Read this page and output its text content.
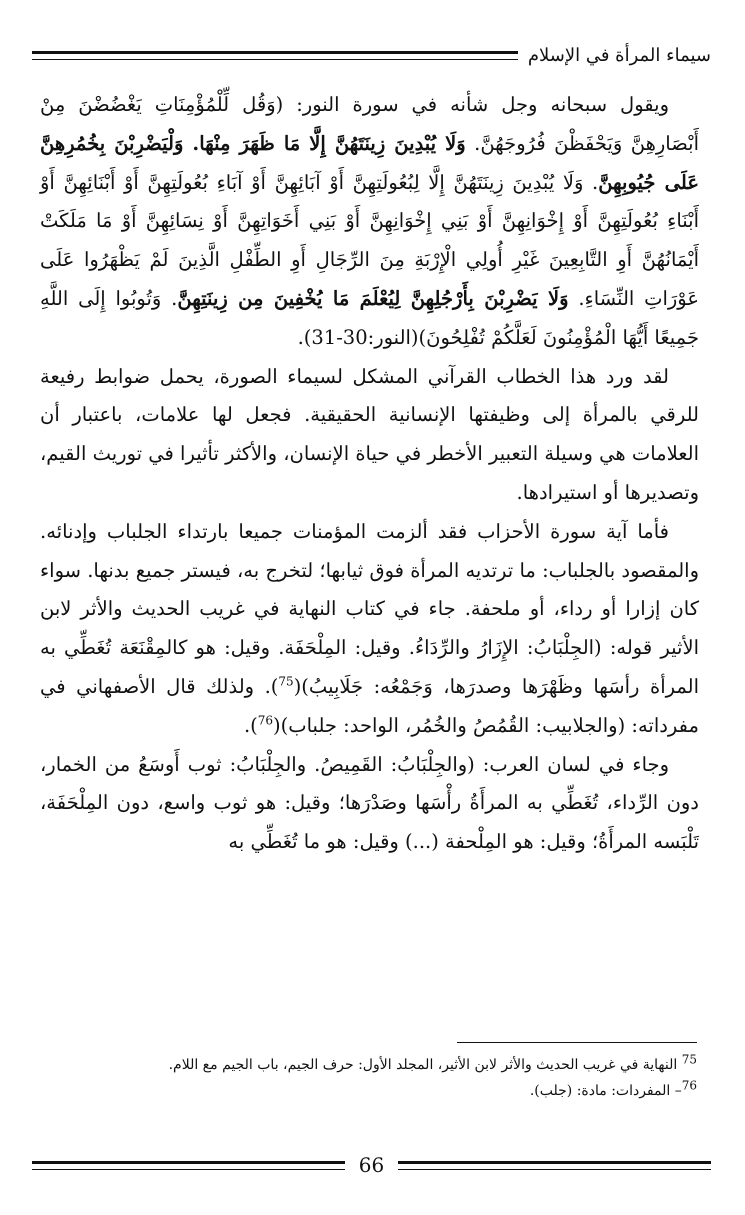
سيماء المرأة في الإسلام

ويقول سبحانه وجل شأنه في سورة النور: (وَقُل لِّلْمُؤْمِنَاتِ يَغْضُضْنَ مِنْ أَبْصَارِهِنَّ وَيَحْفَظْنَ فُرُوجَهُنَّ. وَلَا يُبْدِينَ زِينَتَهُنَّ إِلَّا مَا ظَهَرَ مِنْهَا. وَلْيَضْرِبْنَ بِخُمُرِهِنَّ عَلَى جُيُوبِهِنَّ. وَلَا يُبْدِينَ زِينَتَهُنَّ إِلَّا لِبُعُولَتِهِنَّ أَوْ آبَائِهِنَّ أَوْ آبَاءِ بُعُولَتِهِنَّ أَوْ أَبْنَائِهِنَّ أَوْ أَبْنَاءِ بُعُولَتِهِنَّ أَوْ إِخْوَانِهِنَّ أَوْ بَنِي إِخْوَانِهِنَّ أَوْ بَنِي أَخَوَاتِهِنَّ أَوْ نِسَائِهِنَّ أَوْ مَا مَلَكَتْ أَيْمَانُهُنَّ أَوِ التَّابِعِينَ غَيْرِ أُولِي الْإِرْبَةِ مِنَ الرِّجَالِ أَوِ الطِّفْلِ الَّذِينَ لَمْ يَظْهَرُوا عَلَى عَوْرَاتِ النِّسَاءِ. وَلَا يَضْرِبْنَ بِأَرْجُلِهِنَّ لِيُعْلَمَ مَا يُخْفِينَ مِن زِينَتِهِنَّ. وَتُوبُوا إِلَى اللَّهِ جَمِيعًا أَيُّهَا الْمُؤْمِنُونَ لَعَلَّكُمْ تُفْلِحُونَ)(النور:30-31).

لقد ورد هذا الخطاب القرآني المشكل لسيماء الصورة، يحمل ضوابط رفيعة للرقي بالمرأة إلى وظيفتها الإنسانية الحقيقية. فجعل لها علامات، باعتبار أن العلامات هي وسيلة التعبير الأخطر في حياة الإنسان، والأكثر تأثيرا في توريث القيم، وتصديرها أو استيرادها.

فأما آية سورة الأحزاب فقد ألزمت المؤمنات جميعا بارتداء الجلباب وإدنائه. والمقصود بالجلباب: ما ترتديه المرأة فوق ثيابها؛ لتخرج به، فيستر جميع بدنها. سواء كان إزارا أو رداء، أو ملحفة. جاء في كتاب النهاية في غريب الحديث والأثر لابن الأثير قوله: (الجِلْبَابُ: الإِزَارُ والرِّدَاءُ. وقيل: المِلْحَفَة. وقيل: هو كالمِقْنَعَة تُغَطِّي به المرأة رأسَها وظَهْرَها وصدرَها، وَجَمْعُه: جَلَابِيبُ)($^{75}$). ولذلك قال الأصفهاني في مفرداته: (والجلابيب: القُمُصُ والخُمُر، الواحد: جلباب)($^{76}$).

وجاء في لسان العرب: (والجِلْبَابُ: القَمِيصُ. والجِلْبَابُ: ثوب أَوسَعُ من الخمار، دون الرِّداء، تُغَطِّي به المرأَةُ رأْسَها وصَدْرَها؛ وقيل: هو ثوب واسع، دون المِلْحَفَة، تَلْبَسه المرأَةُ؛ وقيل: هو المِلْحفة (...) وقيل: هو ما تُغَطِّي به

$^{75}$ النهاية في غريب الحديث والأثر لابن الأثير، المجلد الأول: حرف الجيم، باب الجيم مع اللام.

$^{76}$– المفردات: مادة: (جلب).

66
